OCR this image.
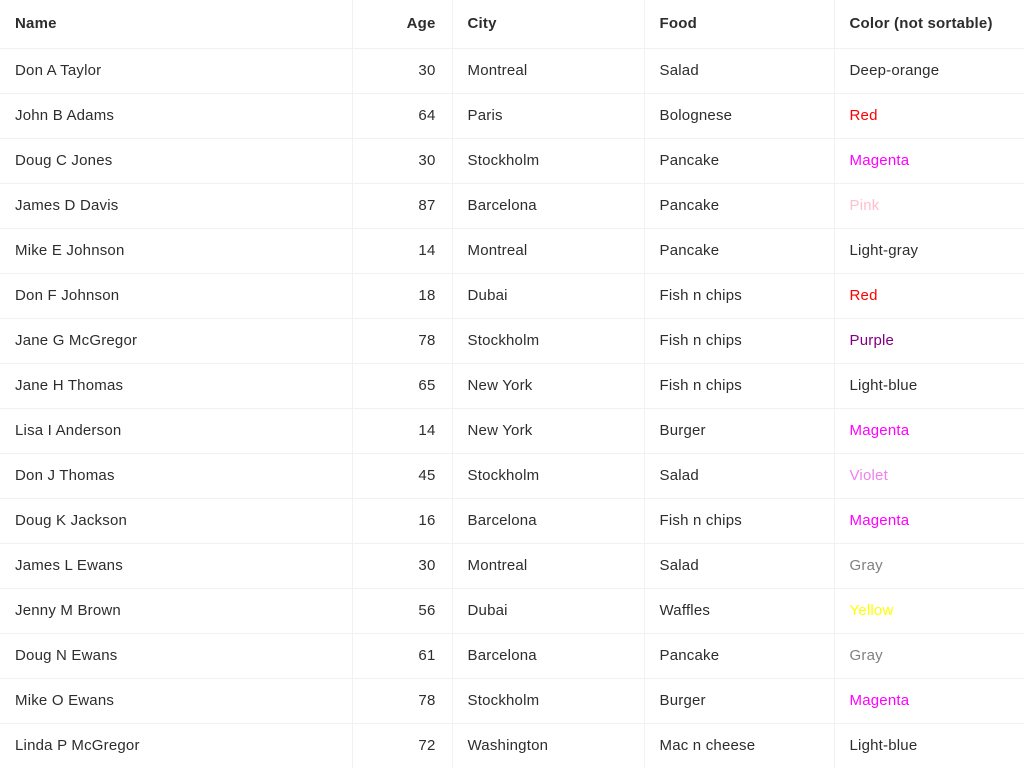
Name	Age	City	Food	Color (not sortable)
Don A Taylor	30	Montreal	Salad	Deep-orange
John B Adams	64	Paris	Bolognese	Red
Doug C Jones	30	Stockholm	Pancake	Magenta
James D Davis	87	Barcelona	Pancake	Pink
Mike E Johnson	14	Montreal	Pancake	Light-gray
Don F Johnson	18	Dubai	Fish n chips	Red
Jane G McGregor	78	Stockholm	Fish n chips	Purple
Jane H Thomas	65	New York	Fish n chips	Light-blue
Lisa I Anderson	14	New York	Burger	Magenta
Don J Thomas	45	Stockholm	Salad	Violet
Doug K Jackson	16	Barcelona	Fish n chips	Magenta
James L Ewans	30	Montreal	Salad	Gray
Jenny M Brown	56	Dubai	Waffles	Yellow
Doug N Ewans	61	Barcelona	Pancake	Gray
Mike O Ewans	78	Stockholm	Burger	Magenta
Linda P McGregor	72	Washington	Mac n cheese	Light-blue
